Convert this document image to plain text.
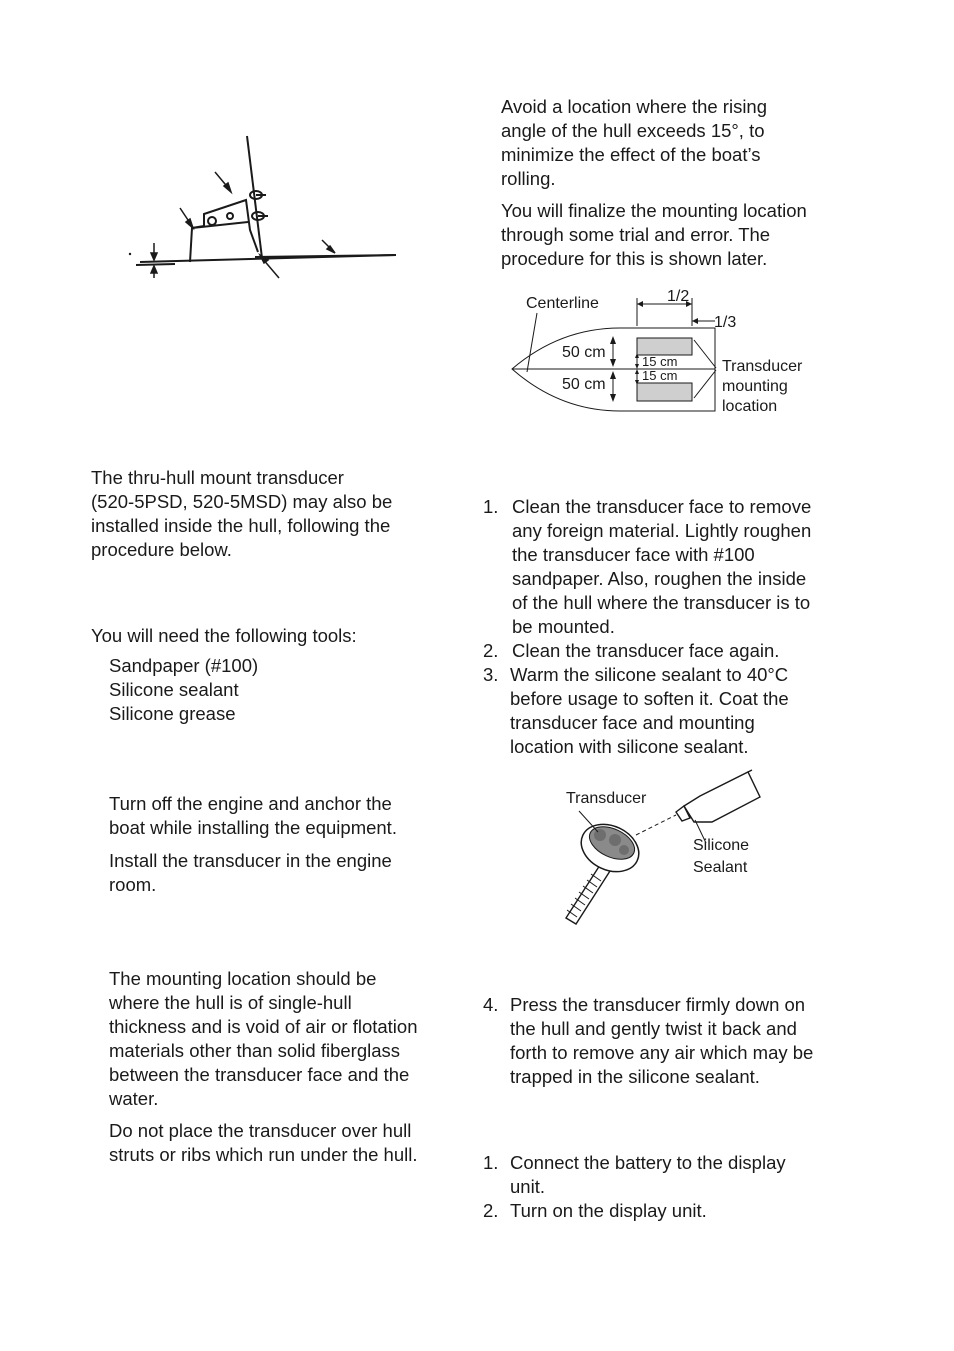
Avoid a location where the rising
angle of the hull exceeds 15°, to
minimize the effect of the boat’s
rolling.
You will finalize the mounting location
through some trial and error. The
procedure for this is shown later.
Centerline	1/2
1/3
50 cm
50 cm
15 cm
15 cm
Transducer
mounting
location
The thru-hull mount transducer
(520-5PSD, 520-5MSD) may also be
installed inside the hull, following the
procedure below.
You will need the following tools:
Sandpaper (#100)
Silicone sealant
Silicone grease
Turn off the engine and anchor the
boat while installing the equipment.
Install the transducer in the engine
room.
The mounting location should be
where the hull is of single-hull
thickness and is void of air or flotation
materials other than solid fiberglass
between the transducer face and the
water.
Do not place the transducer over hull
struts or ribs which run under the hull.
1. Clean the transducer face to remove
any foreign material. Lightly roughen
the transducer face with #100
sandpaper. Also, roughen the inside
of the hull where the transducer is to
be mounted.
2. Clean the transducer face again.
3. Warm the silicone sealant to 40°C
before usage to soften it. Coat the
transducer face and mounting
location with silicone sealant.
Transducer
Silicone
Sealant
4. Press the transducer firmly down on
the hull and gently twist it back and
forth to remove any air which may be
trapped in the silicone sealant.
1. Connect the battery to the display
unit.
2. Turn on the display unit.
